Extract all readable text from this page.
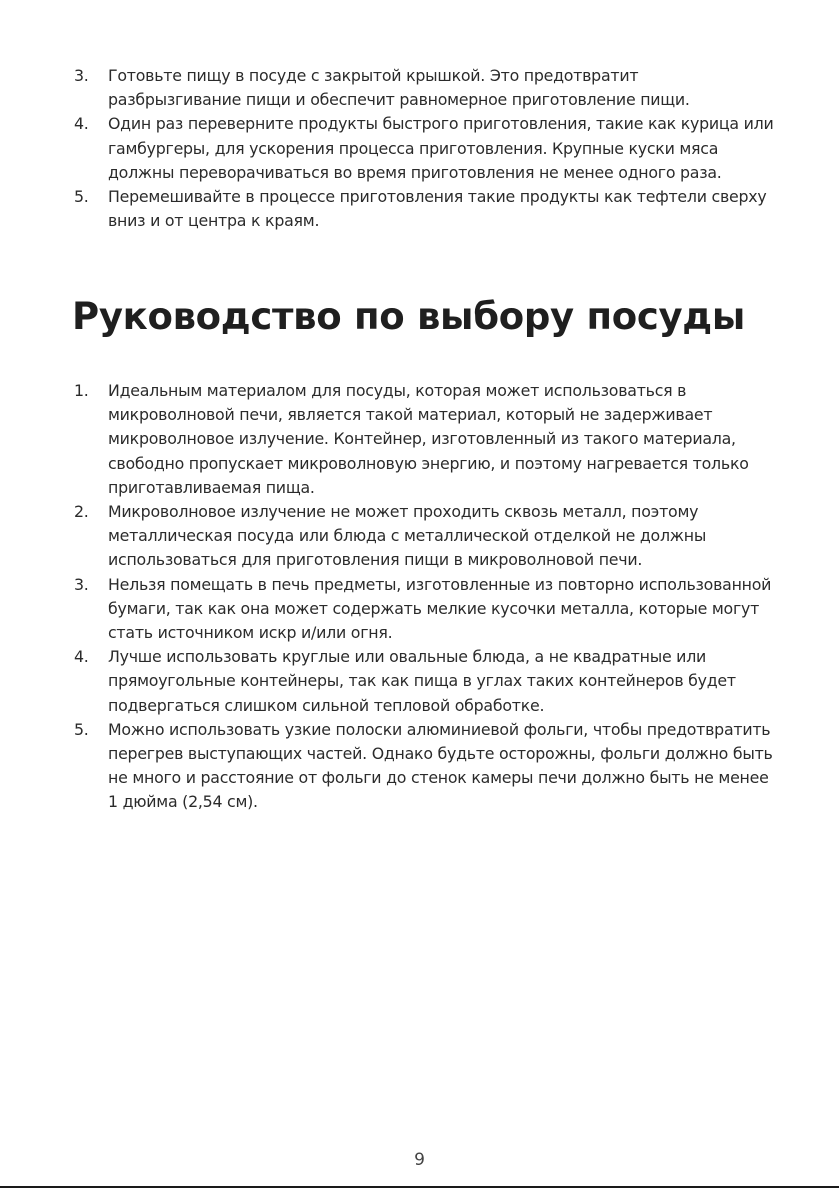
3.	Готовьте пищу в посуде с закрытой крышкой. Это предотвратит разбрызгивание пищи и обеспечит равномерное приготовление пищи.
4.	Один раз переверните продукты быстрого приготовления, такие как курица или гамбургеры, для ускорения процесса приготовления. Крупные куски мяса должны переворачиваться во время приготовления не менее одного раза.
5.	Перемешивайте в процессе приготовления такие продукты как тефтели сверху вниз и от центра к краям.
Руководство по выбору посуды
1.	Идеальным материалом для посуды, которая может использоваться в микроволновой печи, является такой материал, который не задерживает микроволновое излучение. Контейнер, изготовленный из такого материала, свободно пропускает микроволновую энергию, и поэтому нагревается только приготавливаемая пища.
2.	Микроволновое излучение не может проходить сквозь металл, поэтому металлическая посуда или блюда с металлической отделкой не должны использоваться для приготовления пищи в микроволновой печи.
3.	Нельзя помещать в печь предметы, изготовленные из повторно использованной бумаги, так как она может содержать мелкие кусочки металла, которые могут стать источником искр и/или огня.
4.	Лучше использовать круглые или овальные блюда, а не квадратные или прямоугольные контейнеры, так как пища в углах таких контейнеров будет подвергаться слишком сильной тепловой обработке.
5.	Можно использовать узкие полоски алюминиевой фольги, чтобы предотвратить перегрев выступающих частей. Однако будьте осторожны, фольги должно быть не много и расстояние от фольги до стенок камеры печи должно быть не менее 1 дюйма (2,54 см).
9
